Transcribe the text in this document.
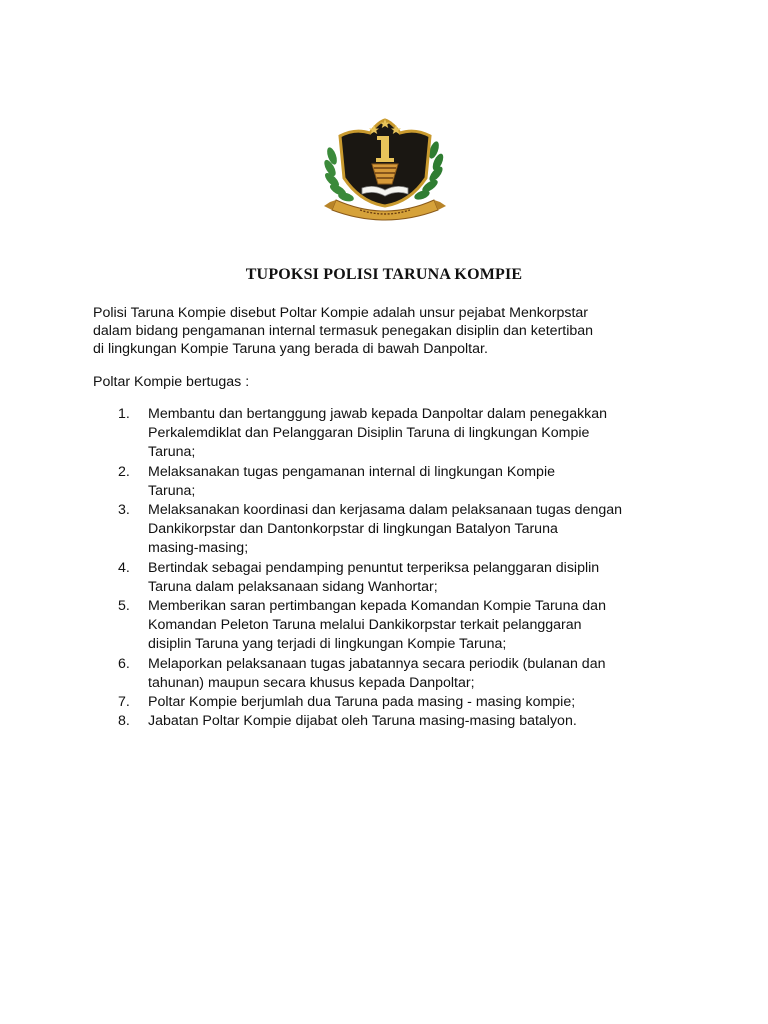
TUPOKSI POLISI TARUNA KOMPIE

Polisi Taruna Kompie disebut Poltar Kompie adalah unsur pejabat Menkorpstar
dalam bidang pengamanan internal termasuk penegakan disiplin dan ketertiban
di lingkungan Kompie Taruna yang berada di bawah Danpoltar.

Poltar Kompie bertugas :

1. Membantu dan bertanggung jawab kepada Danpoltar dalam penegakkan
Perkalemdiklat dan Pelanggaran Disiplin Taruna di lingkungan Kompie
Taruna;
2. Melaksanakan tugas pengamanan internal di lingkungan Kompie
Taruna;
3. Melaksanakan koordinasi dan kerjasama dalam pelaksanaan tugas dengan
Dankikorpstar dan Dantonkorpstar di lingkungan Batalyon Taruna
masing-masing;
4. Bertindak sebagai pendamping penuntut terperiksa pelanggaran disiplin
Taruna dalam pelaksanaan sidang Wanhortar;
5. Memberikan saran pertimbangan kepada Komandan Kompie Taruna dan
Komandan Peleton Taruna melalui Dankikorpstar terkait pelanggaran
disiplin Taruna yang terjadi di lingkungan Kompie Taruna;
6. Melaporkan pelaksanaan tugas jabatannya secara periodik (bulanan dan
tahunan) maupun secara khusus kepada Danpoltar;
7. Poltar Kompie berjumlah dua Taruna pada masing - masing kompie;
8. Jabatan Poltar Kompie dijabat oleh Taruna masing-masing batalyon.
